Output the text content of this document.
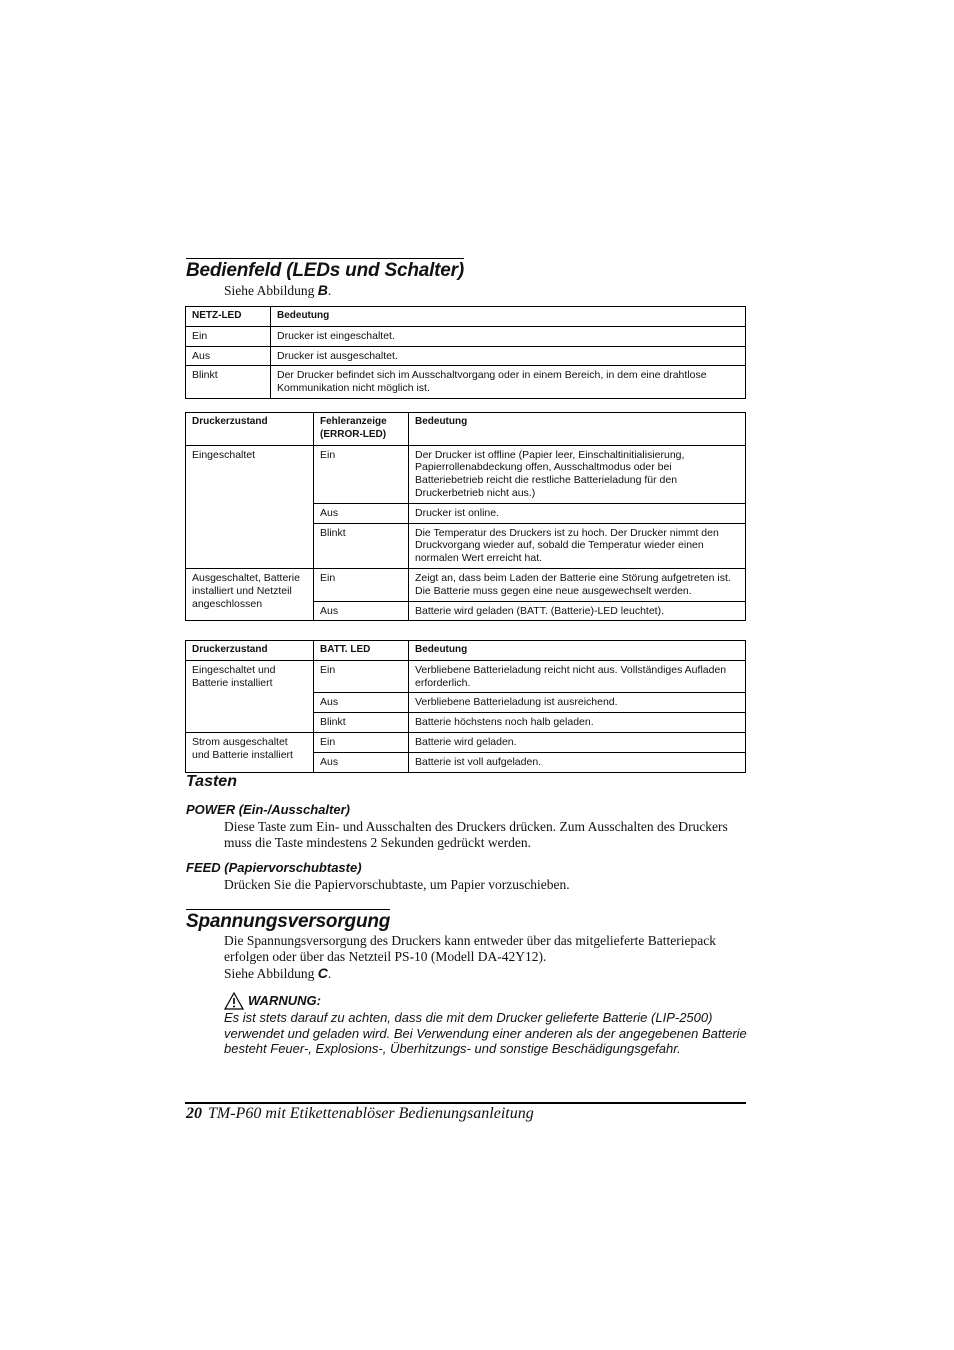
Bedienfeld (LEDs und Schalter)
Siehe Abbildung B.
NETZ-LED	Bedeutung
Ein	Drucker ist eingeschaltet.
Aus	Drucker ist ausgeschaltet.
Blinkt	Der Drucker befindet sich im Ausschaltvorgang oder in einem Bereich, in dem eine drahtlose Kommunikation nicht möglich ist.
Druckerzustand	Fehleranzeige (ERROR-LED)	Bedeutung
Eingeschaltet	Ein	Der Drucker ist offline (Papier leer, Einschaltinitialisierung, Papierrollenabdeckung offen, Ausschaltmodus oder bei Batteriebetrieb reicht die restliche Batterieladung für den Druckerbetrieb nicht aus.)
	Aus	Drucker ist online.
	Blinkt	Die Temperatur des Druckers ist zu hoch. Der Drucker nimmt den Druckvorgang wieder auf, sobald die Temperatur wieder einen normalen Wert erreicht hat.
Ausgeschaltet, Batterie installiert und Netzteil angeschlossen	Ein	Zeigt an, dass beim Laden der Batterie eine Störung aufgetreten ist. Die Batterie muss gegen eine neue ausgewechselt werden.
	Aus	Batterie wird geladen (BATT. (Batterie)-LED leuchtet).
Druckerzustand	BATT. LED	Bedeutung
Eingeschaltet und Batterie installiert	Ein	Verbliebene Batterieladung reicht nicht aus. Vollständiges Aufladen erforderlich.
	Aus	Verbliebene Batterieladung ist ausreichend.
	Blinkt	Batterie höchstens noch halb geladen.
Strom ausgeschaltet und Batterie installiert	Ein	Batterie wird geladen.
	Aus	Batterie ist voll aufgeladen.
Tasten
POWER (Ein-/Ausschalter)
Diese Taste zum Ein- und Ausschalten des Druckers drücken. Zum Ausschalten des Druckers muss die Taste mindestens 2 Sekunden gedrückt werden.
FEED (Papiervorschubtaste)
Drücken Sie die Papiervorschubtaste, um Papier vorzuschieben.
Spannungsversorgung
Die Spannungsversorgung des Druckers kann entweder über das mitgelieferte Batteriepack erfolgen oder über das Netzteil PS-10 (Modell DA-42Y12).
Siehe Abbildung C.
WARNUNG:
Es ist stets darauf zu achten, dass die mit dem Drucker gelieferte Batterie (LIP-2500) verwendet und geladen wird. Bei Verwendung einer anderen als der angegebenen Batterie besteht Feuer-, Explosions-, Überhitzungs- und sonstige Beschädigungsgefahr.
20 TM-P60 mit Etikettenablöser Bedienungsanleitung
